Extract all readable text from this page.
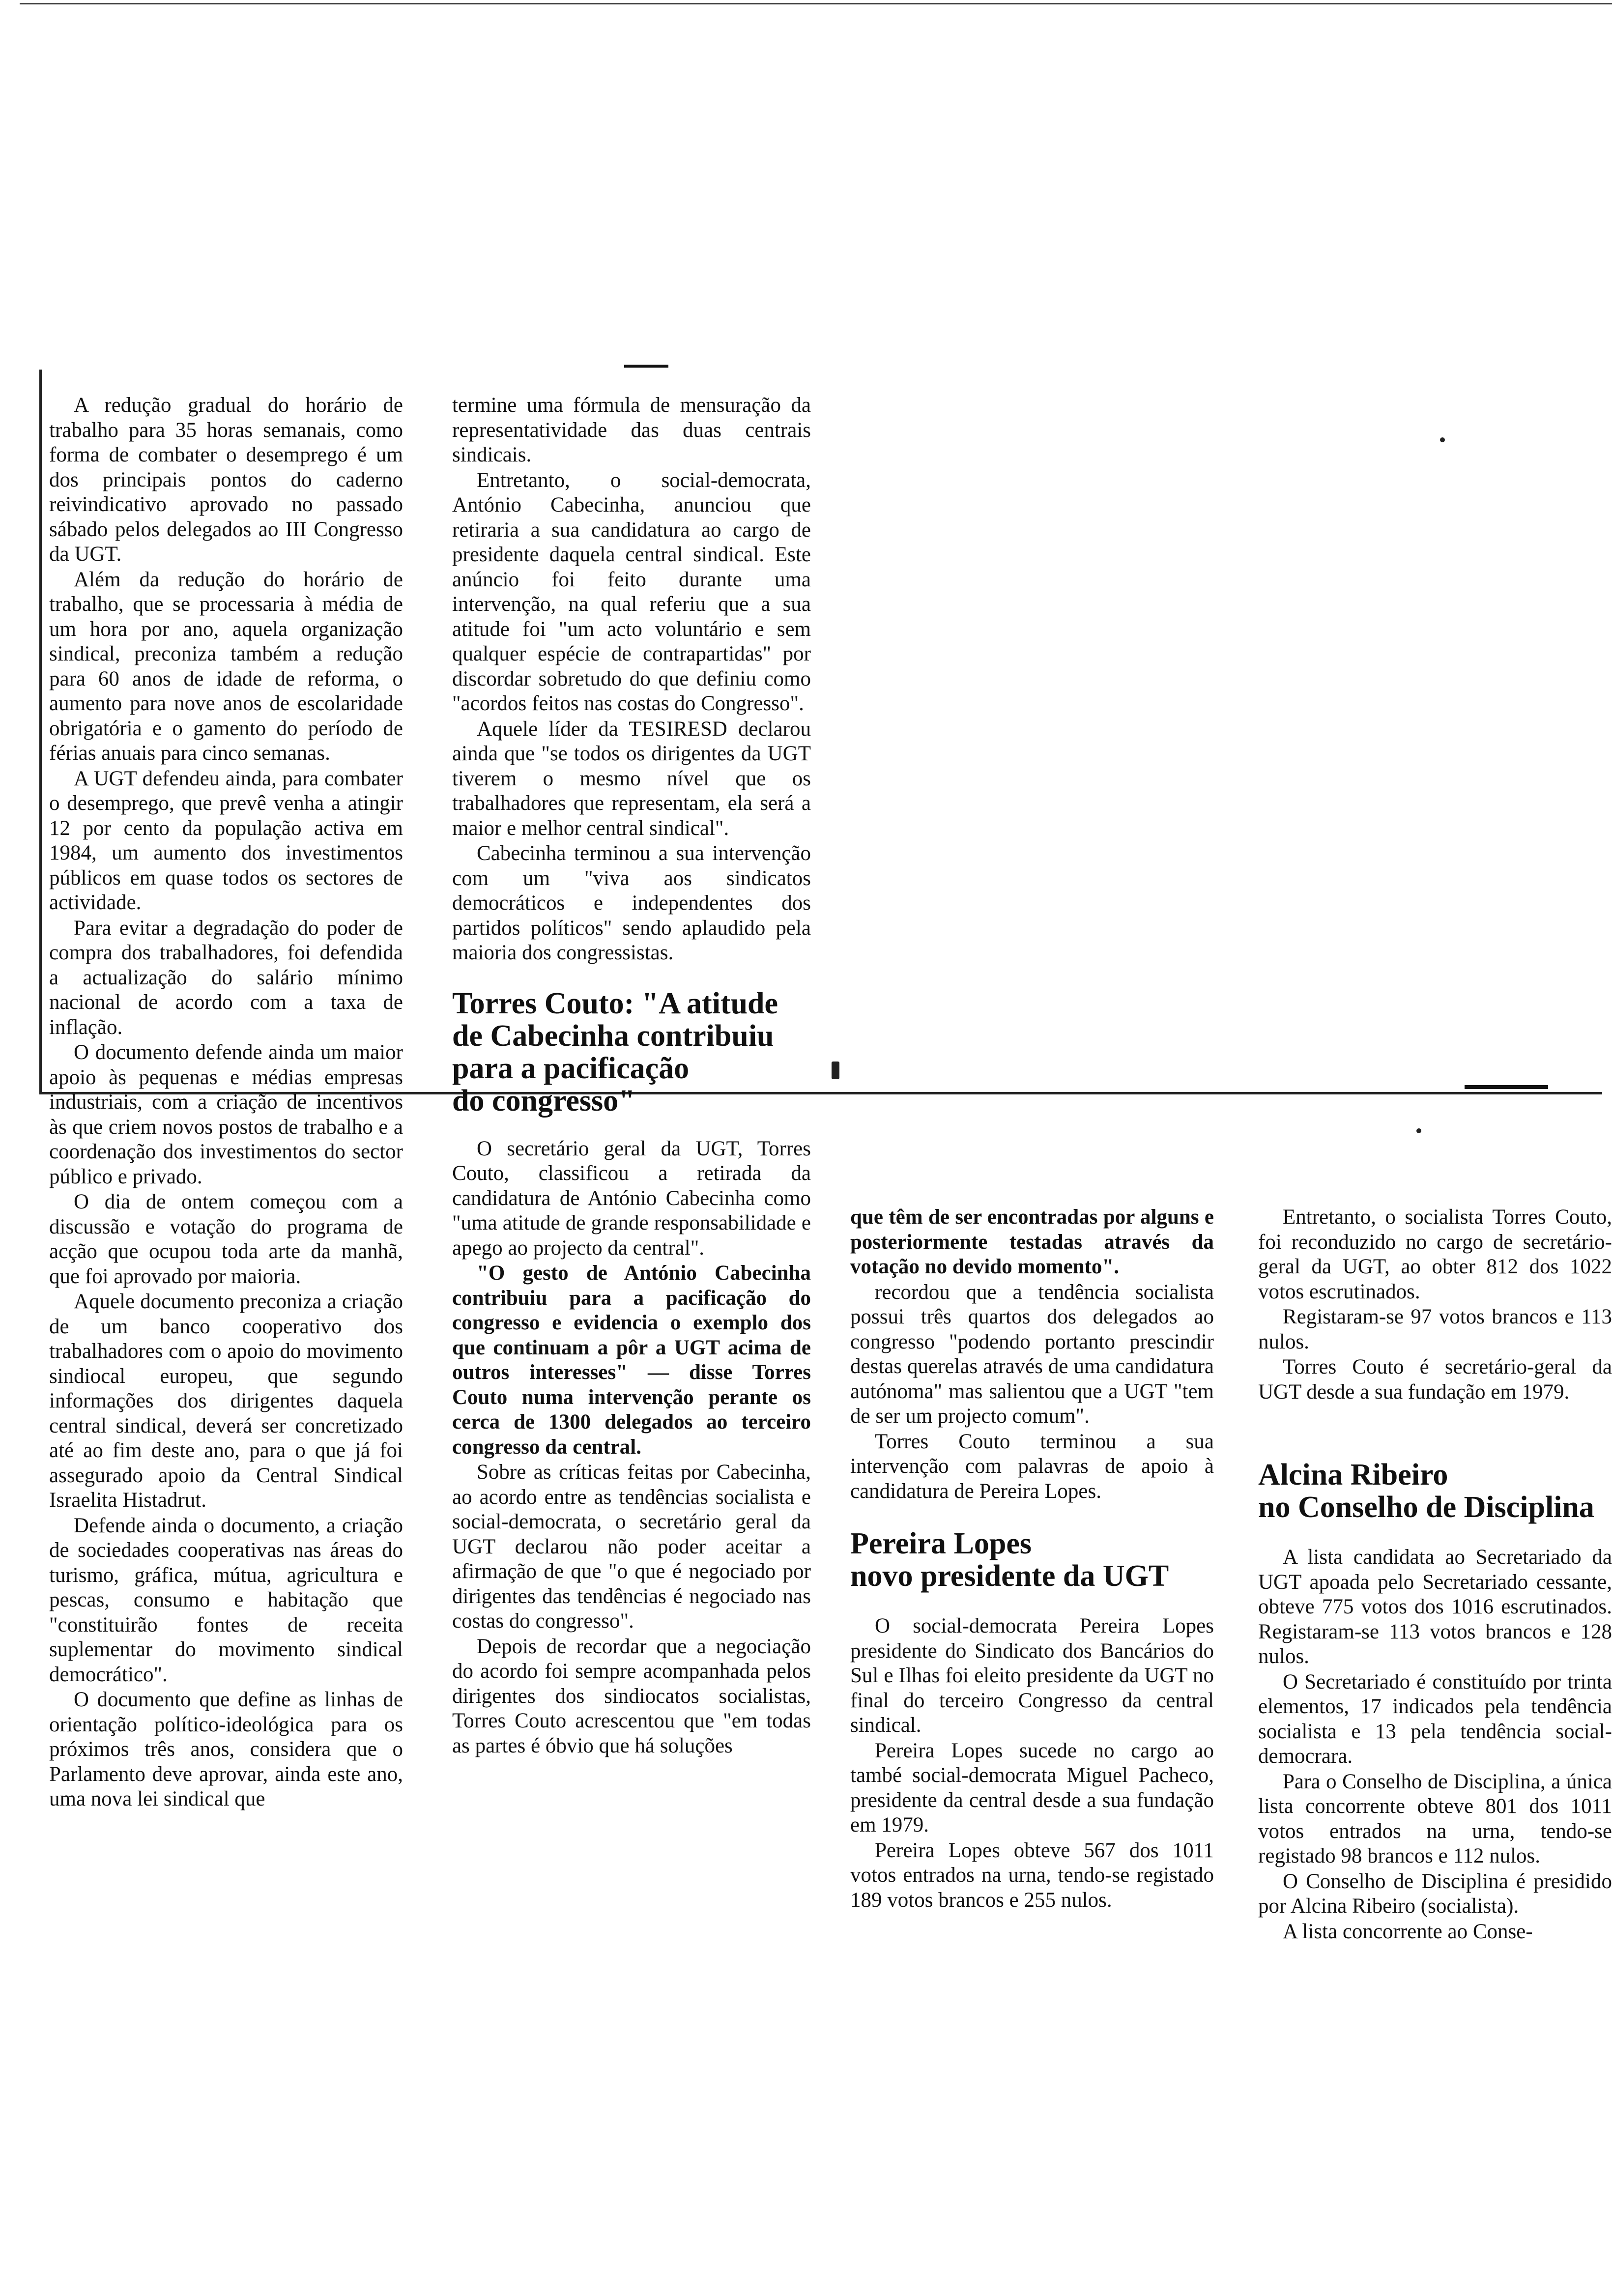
A redução gradual do horário de trabalho para 35 horas semanais, como forma de combater o desemprego é um dos principais pontos do caderno reivindicativo aprovado no passado sábado pelos delegados ao III Congresso da UGT.

Além da redução do horário de trabalho, que se processaria à média de um hora por ano, aquela organização sindical, preconiza também a redução para 60 anos de idade de reforma, o aumento para nove anos de escolaridade obrigatória e o gamento do período de férias anuais para cinco semanas.

A UGT defendeu ainda, para combater o desemprego, que prevê venha a atingir 12 por cento da população activa em 1984, um aumento dos investimentos públicos em quase todos os sectores de actividade.

Para evitar a degradação do poder de compra dos trabalhadores, foi defendida a actualização do salário mínimo nacional de acordo com a taxa de inflação.

O documento defende ainda um maior apoio às pequenas e médias empresas industriais, com a criação de incentivos às que criem novos postos de trabalho e a coordenação dos investimentos do sector público e privado.

O dia de ontem começou com a discussão e votação do programa de acção que ocupou toda arte da manhã, que foi aprovado por maioria.

Aquele documento preconiza a criação de um banco cooperativo dos trabalhadores com o apoio do movimento sindiocal europeu, que segundo informações dos dirigentes daquela central sindical, deverá ser concretizado até ao fim deste ano, para o que já foi assegurado apoio da Central Sindical Israelita Histadrut.

Defende ainda o documento, a criação de sociedades cooperativas nas áreas do turismo, gráfica, mútua, agricultura e pescas, consumo e habitação que "constituirão fontes de receita suplementar do movimento sindical democrático".

O documento que define as linhas de orientação político-ideológica para os próximos três anos, considera que o Parlamento deve aprovar, ainda este ano, uma nova lei sindical que

termine uma fórmula de mensuração da representatividade das duas centrais sindicais.

Entretanto, o social-democrata, António Cabecinha, anunciou que retiraria a sua candidatura ao cargo de presidente daquela central sindical. Este anúncio foi feito durante uma intervenção, na qual referiu que a sua atitude foi "um acto voluntário e sem qualquer espécie de contrapartidas" por discordar sobretudo do que definiu como "acordos feitos nas costas do Congresso".

Aquele líder da TESIRESD declarou ainda que "se todos os dirigentes da UGT tiverem o mesmo nível que os trabalhadores que representam, ela será a maior e melhor central sindical".

Cabecinha terminou a sua intervenção com um "viva aos sindicatos democráticos e independentes dos partidos políticos" sendo aplaudido pela maioria dos congressistas.

Torres Couto: "A atitude
de Cabecinha contribuiu
para a pacificação
do congresso"

O secretário geral da UGT, Torres Couto, classificou a retirada da candidatura de António Cabecinha como "uma atitude de grande responsabilidade e apego ao projecto da central".

"O gesto de António Cabecinha contribuiu para a pacificação do congresso e evidencia o exemplo dos que continuam a pôr a UGT acima de outros interesses" — disse Torres Couto numa intervenção perante os cerca de 1300 delegados ao terceiro congresso da central.

Sobre as críticas feitas por Cabecinha, ao acordo entre as tendências socialista e social-democrata, o secretário geral da UGT declarou não poder aceitar a afirmação de que "o que é negociado por dirigentes das tendências é negociado nas costas do congresso".

Depois de recordar que a negociação do acordo foi sempre acompanhada pelos dirigentes dos sindiocatos socialistas, Torres Couto acrescentou que "em todas as partes é óbvio que há soluções

que têm de ser encontradas por alguns e posteriormente testadas através da votação no devido momento".

recordou que a tendência socialista possui três quartos dos delegados ao congresso "podendo portanto prescindir destas querelas através de uma candidatura autónoma" mas salientou que a UGT "tem de ser um projecto comum".

Torres Couto terminou a sua intervenção com palavras de apoio à candidatura de Pereira Lopes.

Pereira Lopes
novo presidente da UGT

O social-democrata Pereira Lopes presidente do Sindicato dos Bancários do Sul e Ilhas foi eleito presidente da UGT no final do terceiro Congresso da central sindical.

Pereira Lopes sucede no cargo ao també social-democrata Miguel Pacheco, presidente da central desde a sua fundação em 1979.

Pereira Lopes obteve 567 dos 1011 votos entrados na urna, tendo-se registado 189 votos brancos e 255 nulos.

Entretanto, o socialista Torres Couto, foi reconduzido no cargo de secretário-geral da UGT, ao obter 812 dos 1022 votos escrutinados.

Registaram-se 97 votos brancos e 113 nulos.

Torres Couto é secretário-geral da UGT desde a sua fundação em 1979.

Alcina Ribeiro
no Conselho de Disciplina

A lista candidata ao Secretariado da UGT apoada pelo Secretariado cessante, obteve 775 votos dos 1016 escrutinados. Registaram-se 113 votos brancos e 128 nulos.

O Secretariado é constituído por trinta elementos, 17 indicados pela tendência socialista e 13 pela tendência social-democrara.

Para o Conselho de Disciplina, a única lista concorrente obteve 801 dos 1011 votos entrados na urna, tendo-se registado 98 brancos e 112 nulos.

O Conselho de Disciplina é presidido por Alcina Ribeiro (socialista).

A lista concorrente ao Conse-
